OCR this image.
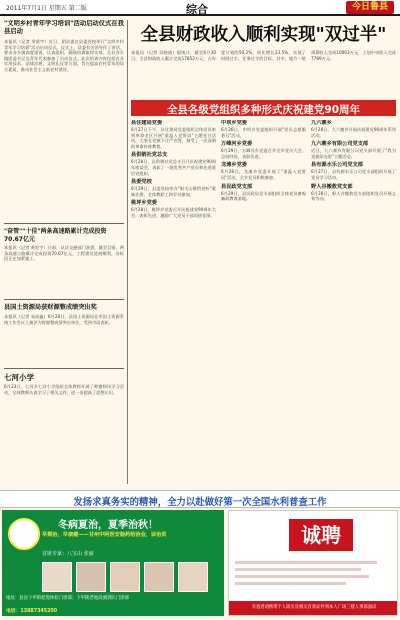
2011年7月1日 星期五 第二版	综合	今日鲁县
"文明乡村青年学习培训"活动启动仪式在我县启动
本报讯（记者 余贤宇）近日，团县委在县委党校举行"文明乡村青年学习培训"活动启动仪式。仪式上，县委有关领导作了讲话，要求各乡镇高度重视，认真组织，确保培训取得实效。全县各乡镇团委书记及青年代表参加了启动仪式。此次培训内容包括农业实用技术、法律法规、文明礼仪等方面，旨在提高农村青年的综合素质，推动社会主义新农村建设。
"奋管""十佳"两条高速路累计完成投资70.67亿元
本报讯（记者 黄宏宇）日前，从县交通部门获悉，截至目前，两条高速公路累计完成投资70.67亿元，工程建设进展顺利，各标段正在加紧施工。
县国土资源局获财源整成绩突出奖
本报讯（记者 易成鑫）6月28日，县国土资源局在市国土资源系统工作会议上被评为财源整成绩突出单位，受到市局表彰。
七河小学
6月23日，七河乡七河小学组织全体教师开展了师德师风学习活动，全体教师认真学习了相关文件，进一步提高了思想认识。
全县财政收入顺利实现"双过半"
本报讯（记者 吴晓倩）据统计，截至6月30日，全县财政收入累计完成17852万元，占年度计划的50.2%，同比增长23.5%，实现了时间过半、任务过半的目标。其中，地方一般预算收入完成10063万元，上划中央收入完成7789万元。
全县各级党组织多种形式庆祝建党90周年
县住建局党委
6月27日下午，县住建局党委组织全体党员来到革命老区开展"重温入党誓词"主题党日活动，大家在党旗下庄严宣誓，接受了一次深刻的革命传统教育。
县供销社党总支
6月28日，县供销社党总支召开庆祝建党90周年座谈会，表彰了一批优秀共产党员和先进基层党组织。
县委党校
6月29日，县委党校举办"唱支山歌给党听"歌咏比赛，全体教职工和学员参加。
桃坪乡党委
6月28日，桃坪乡党委召开庆祝建党90周年大会，表彰先进，激励广大党员干部再创佳绩。
中坝乡党委
6月26日，中坝乡党委组织开展"党员志愿服务日"活动。
万峰河乡党委
6月29日，万峰河乡党委召开全乡党员大会，总结经验，表彰先进。
龙滩乡党委
6月28日，龙滩乡党委开展了"重温入党誓词"活动，全乡党员积极参加。
县民政党支部
6月29日，县民政局党支部组织全体党员参观廉政教育基地。
九六寨乡
6月28日，九六寨乡开展庆祝建党90周年系列活动。
九六寨乡有限公司党支部
近日，九六寨乡有限公司党支部开展了"我为党旗添光彩"主题活动。
县有源水乐公司党支部
6月27日，县有源水乐公司党支部组织开展了党员学习活动。
野人谷搬救党支部
6月28日，野人谷搬救党支部组织党员开展义务劳动。
发扬求真务实的精神，全力以赴做好第一次全国水利普查工作
冬病夏治，夏季治秋！
早期治，早康健——甘州中阿医安脸药给治会，诊治贫
首席专家：八宝山 张丽
地址：县县下甲街桂堤体检门诊部；下甲街老地段旗到队门诊部
电话：13887345200
诚聘
有意者请携带个人简历及相关有效证件到本人广场三楼人事部面试
